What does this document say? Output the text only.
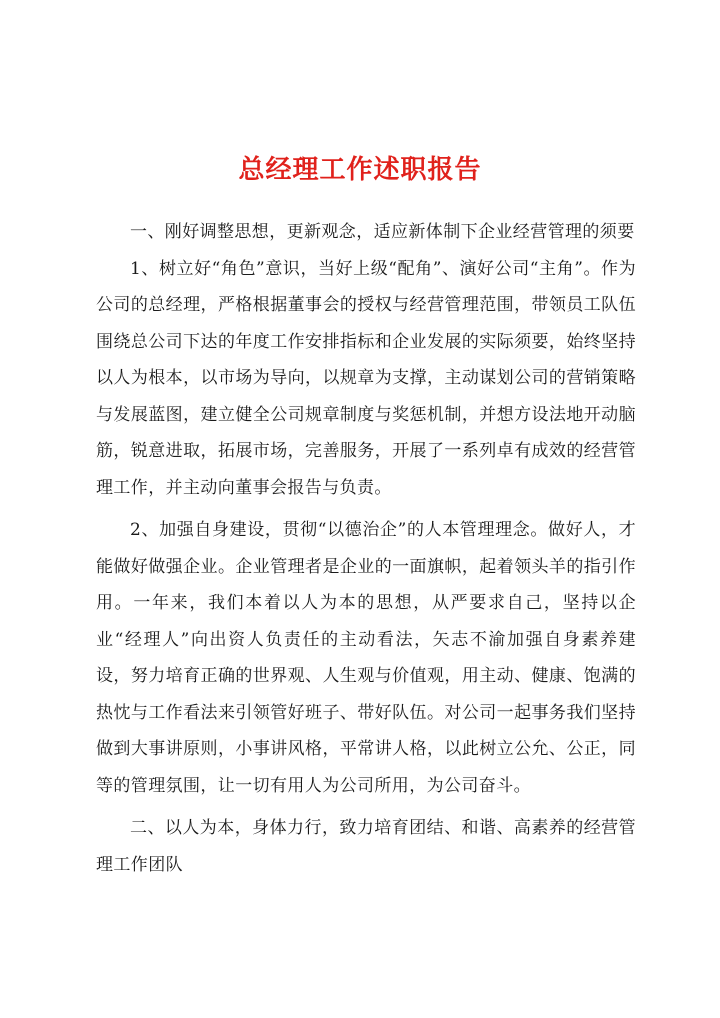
总经理工作述职报告

一、刚好调整思想，更新观念，适应新体制下企业经营管理的须要

1、树立好“角色”意识，当好上级“配角”、演好公司“主角”。作为公司的总经理，严格根据董事会的授权与经营管理范围，带领员工队伍围绕总公司下达的年度工作安排指标和企业发展的实际须要，始终坚持以人为根本，以市场为导向，以规章为支撑，主动谋划公司的营销策略与发展蓝图，建立健全公司规章制度与奖惩机制，并想方设法地开动脑筋，锐意进取，拓展市场，完善服务，开展了一系列卓有成效的经营管理工作，并主动向董事会报告与负责。

2、加强自身建设，贯彻“以德治企”的人本管理理念。做好人，才能做好做强企业。企业管理者是企业的一面旗帜，起着领头羊的指引作用。一年来，我们本着以人为本的思想，从严要求自己，坚持以企业“经理人”向出资人负责任的主动看法，矢志不渝加强自身素养建设，努力培育正确的世界观、人生观与价值观，用主动、健康、饱满的热忱与工作看法来引领管好班子、带好队伍。对公司一起事务我们坚持做到大事讲原则，小事讲风格，平常讲人格，以此树立公允、公正，同等的管理氛围，让一切有用人为公司所用，为公司奋斗。

二、以人为本，身体力行，致力培育团结、和谐、高素养的经营管理工作团队
